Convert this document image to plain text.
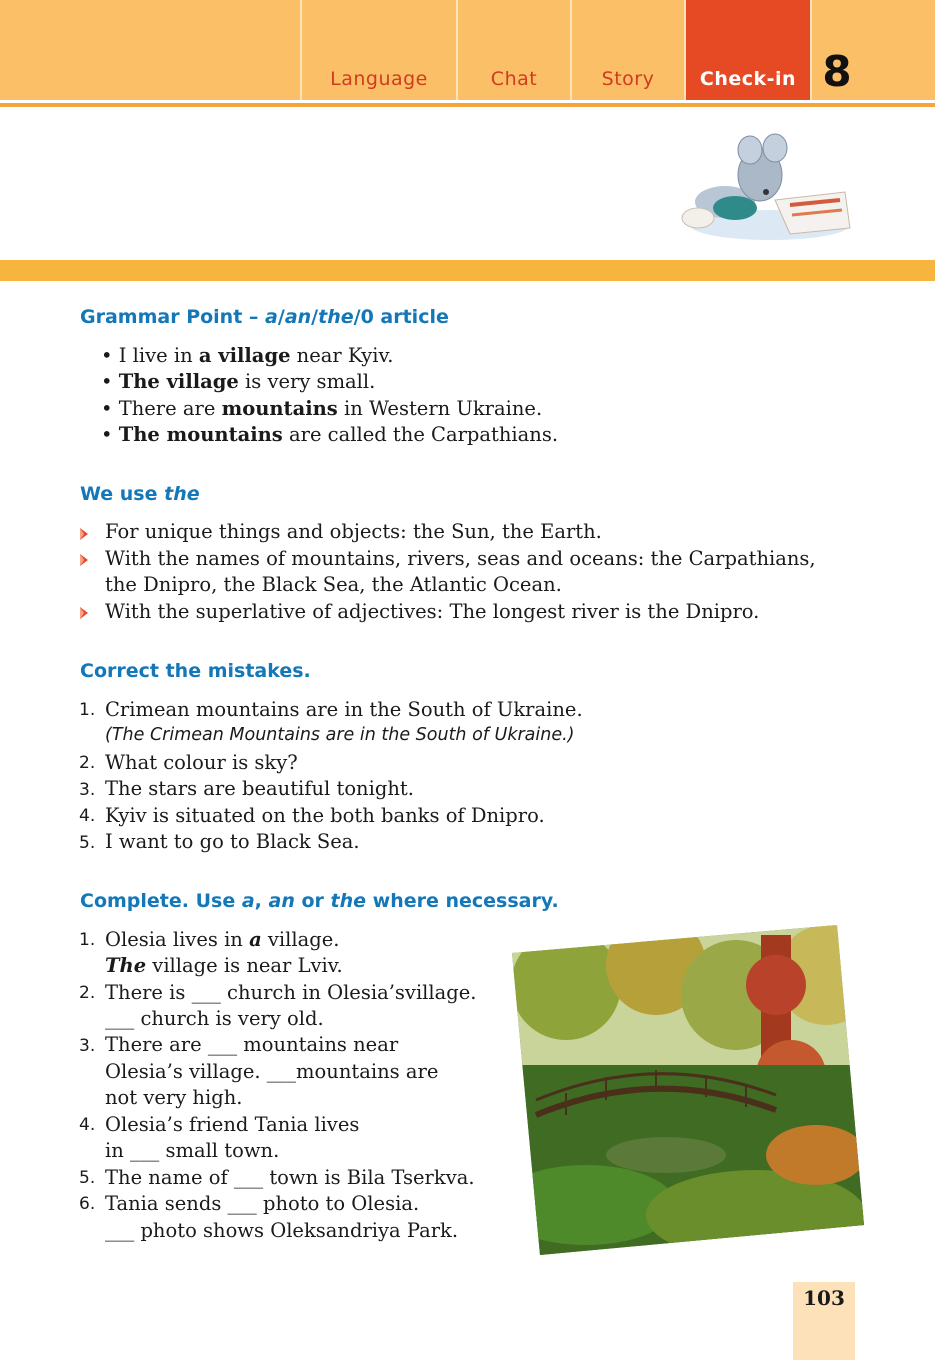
Language	Chat	Story Check-in 8
Grammar Point – a/an/the/0 article
• I live in a village near Kyiv.
• The village is very small.
• There are mountains in Western Ukraine.
• The mountains are called the Carpathians.
We use the
For unique things and objects: the Sun, the Earth.
With the names of mountains, rivers, seas and oceans: the Carpathians,
the Dnipro, the Black Sea, the Atlantic Ocean.
With the superlative of adjectives: The longest river is the Dnipro.
Correct the mistakes.
1. Crimean mountains are in the South of Ukraine.
(The Crimean Mountains are in the South of Ukraine.)
2. What colour is sky?
3. The stars are beautiful tonight.
4. Kyiv is situated on the both banks of Dnipro.
5. I want to go to Black Sea.
Complete. Use a, an or the where necessary.
1. Olesia lives in a village.
The village is near Lviv.
2. There is ___ church in Olesia’svillage.
___ church is very old.
3. There are ___ mountains near
Olesia’s village. ___mountains are
not very high.
4. Olesia’s friend Tania lives
in ___ small town.
5. The name of ___ town is Bila Tserkva.
6. Tania sends ___ photo to Olesia.
___ photo shows Oleksandriya Park.
103
